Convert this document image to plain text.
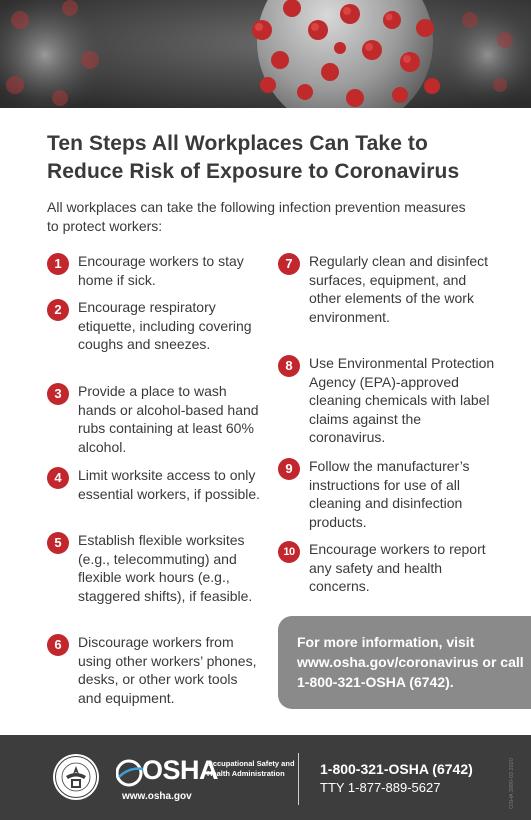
Ten Steps All Workplaces Can Take to Reduce Risk of Exposure to Coronavirus
All workplaces can take the following infection prevention measures to protect workers:
1	Encourage workers to stay home if sick.
2	Encourage respiratory etiquette, including covering coughs and sneezes.
3	Provide a place to wash hands or alcohol-based hand rubs containing at least 60% alcohol.
4	Limit worksite access to only essential workers, if possible.
5	Establish flexible worksites (e.g., telecommuting) and flexible work hours (e.g., staggered shifts), if feasible.
6	Discourage workers from using other workers’ phones, desks, or other work tools and equipment.
7	Regularly clean and disinfect surfaces, equipment, and other elements of the work environment.
8	Use Environmental Protection Agency (EPA)-approved cleaning chemicals with label claims against the coronavirus.
9	Follow the manufacturer’s instructions for use of all cleaning and disinfection products.
10	Encourage workers to report any safety and health concerns.
For more information, visit www.osha.gov/coronavirus or call 1-800-321-OSHA (6742).
OSHA
Occupational Safety and Health Administration
www.osha.gov
1-800-321-OSHA (6742)
TTY 1-877-889-5627	OSHA 3990-03 2020
